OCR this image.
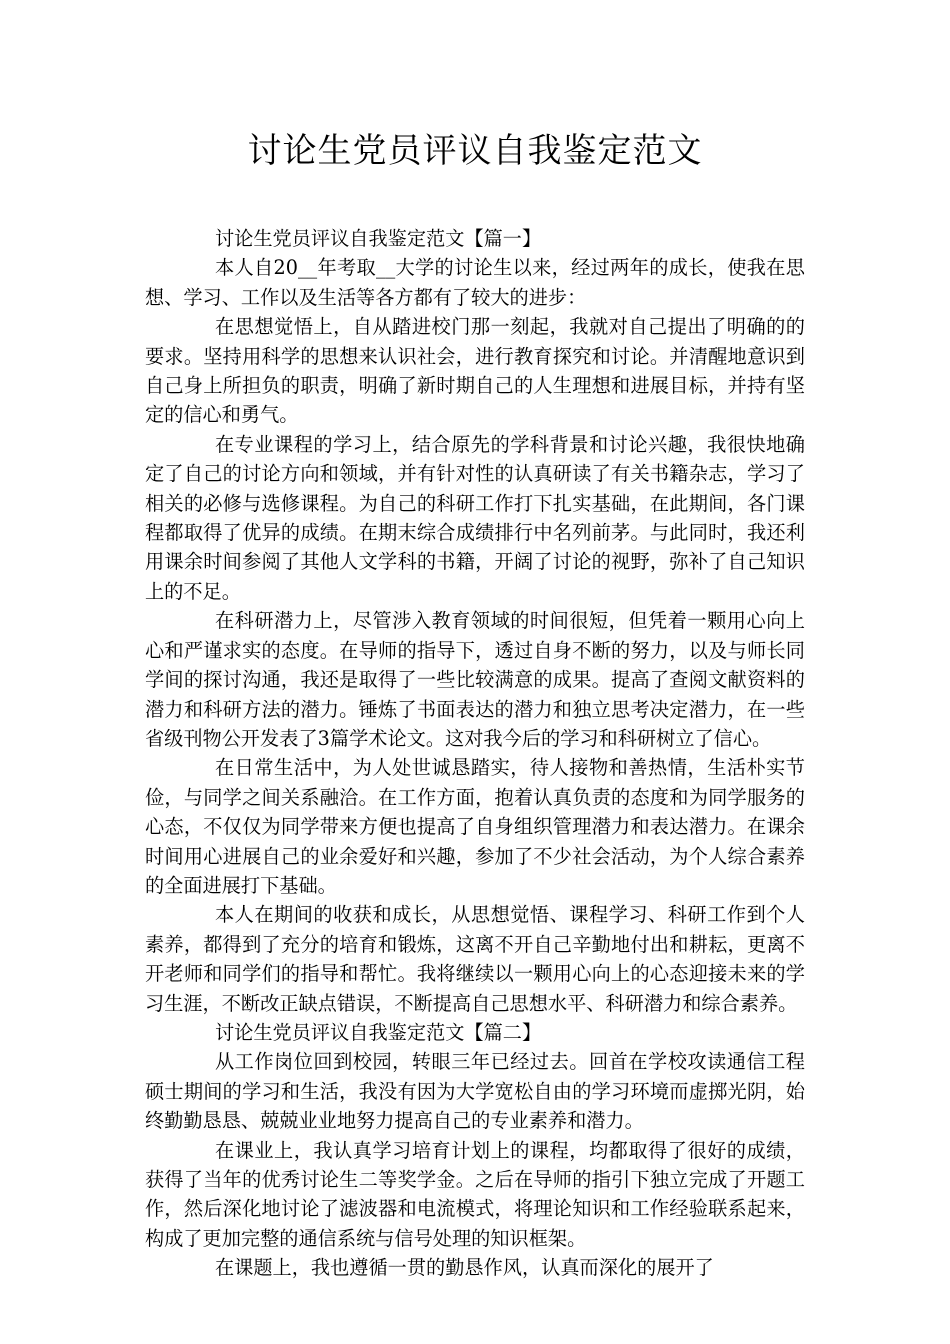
讨论生党员评议自我鉴定范文

讨论生党员评议自我鉴定范文【篇一】

本人自20__年考取__大学的讨论生以来，经过两年的成长，使我在思想、学习、工作以及生活等各方都有了较大的进步：

在思想觉悟上，自从踏进校门那一刻起，我就对自己提出了明确的的要求。坚持用科学的思想来认识社会，进行教育探究和讨论。并清醒地意识到自己身上所担负的职责，明确了新时期自己的人生理想和进展目标，并持有坚定的信心和勇气。

在专业课程的学习上，结合原先的学科背景和讨论兴趣，我很快地确定了自己的讨论方向和领域，并有针对性的认真研读了有关书籍杂志，学习了相关的必修与选修课程。为自己的科研工作打下扎实基础，在此期间，各门课程都取得了优异的成绩。在期末综合成绩排行中名列前茅。与此同时，我还利用课余时间参阅了其他人文学科的书籍，开阔了讨论的视野，弥补了自己知识上的不足。

在科研潜力上，尽管涉入教育领域的时间很短，但凭着一颗用心向上心和严谨求实的态度。在导师的指导下，透过自身不断的努力，以及与师长同学间的探讨沟通，我还是取得了一些比较满意的成果。提高了查阅文献资料的潜力和科研方法的潜力。锤炼了书面表达的潜力和独立思考决定潜力，在一些省级刊物公开发表了3篇学术论文。这对我今后的学习和科研树立了信心。

在日常生活中，为人处世诚恳踏实，待人接物和善热情，生活朴实节俭，与同学之间关系融洽。在工作方面，抱着认真负责的态度和为同学服务的心态，不仅仅为同学带来方便也提高了自身组织管理潜力和表达潜力。在课余时间用心进展自己的业余爱好和兴趣，参加了不少社会活动，为个人综合素养的全面进展打下基础。

本人在期间的收获和成长，从思想觉悟、课程学习、科研工作到个人素养，都得到了充分的培育和锻炼，这离不开自己辛勤地付出和耕耘，更离不开老师和同学们的指导和帮忙。我将继续以一颗用心向上的心态迎接未来的学习生涯，不断改正缺点错误，不断提高自己思想水平、科研潜力和综合素养。

讨论生党员评议自我鉴定范文【篇二】

从工作岗位回到校园，转眼三年已经过去。回首在学校攻读通信工程硕士期间的学习和生活，我没有因为大学宽松自由的学习环境而虚掷光阴，始终勤勤恳恳、兢兢业业地努力提高自己的专业素养和潜力。

在课业上，我认真学习培育计划上的课程，均都取得了很好的成绩，获得了当年的优秀讨论生二等奖学金。之后在导师的指引下独立完成了开题工作，然后深化地讨论了滤波器和电流模式，将理论知识和工作经验联系起来，构成了更加完整的通信系统与信号处理的知识框架。

在课题上，我也遵循一贯的勤恳作风，认真而深化的展开了
